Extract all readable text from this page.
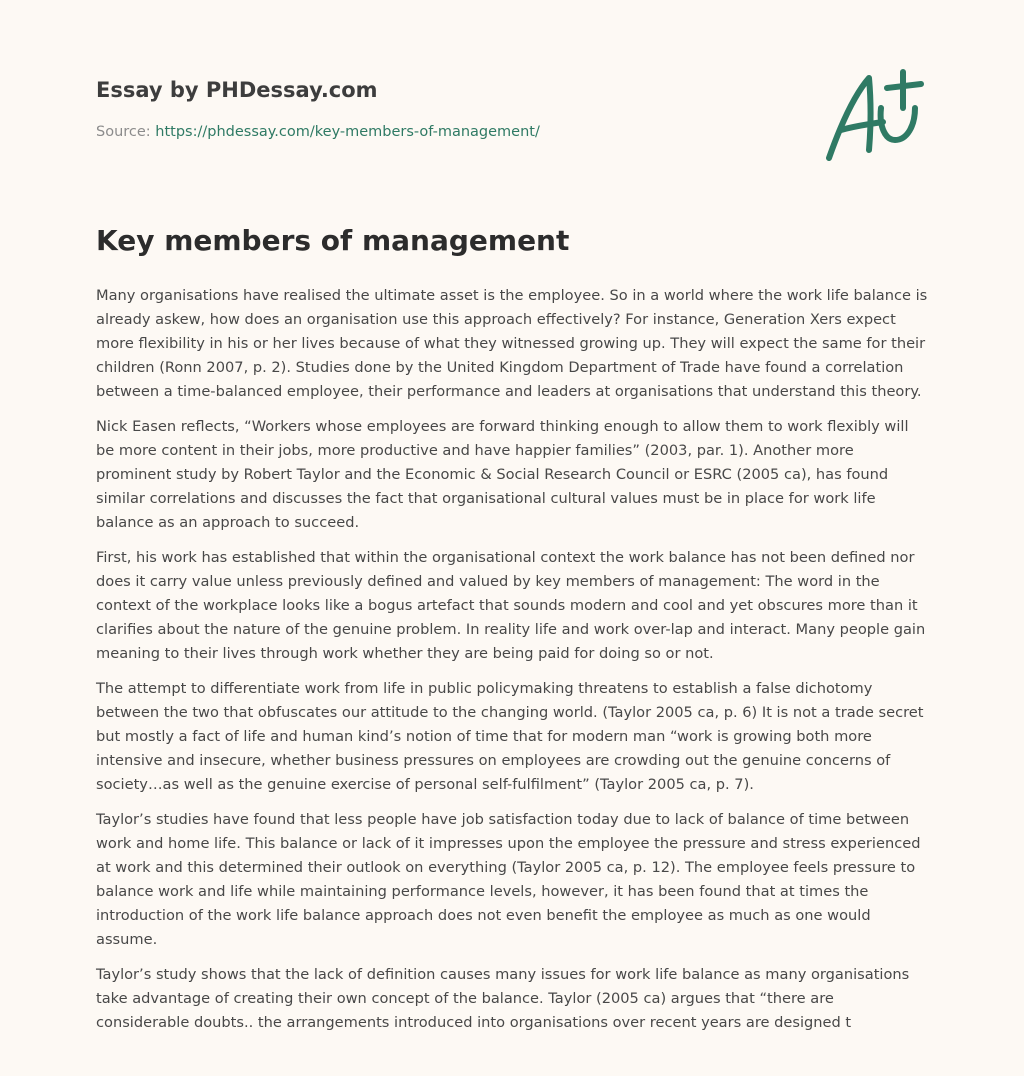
Essay by PHDessay.com
Source: https://phdessay.com/key-members-of-management/
Key members of management

Many organisations have realised the ultimate asset is the employee. So in a world where the work life balance is already askew, how does an organisation use this approach effectively? For instance, Generation Xers expect more flexibility in his or her lives because of what they witnessed growing up. They will expect the same for their children (Ronn 2007, p. 2). Studies done by the United Kingdom Department of Trade have found a correlation between a time-balanced employee, their performance and leaders at organisations that understand this theory.

Nick Easen reflects, “Workers whose employees are forward thinking enough to allow them to work flexibly will be more content in their jobs, more productive and have happier families” (2003, par. 1). Another more prominent study by Robert Taylor and the Economic & Social Research Council or ESRC (2005 ca), has found similar correlations and discusses the fact that organisational cultural values must be in place for work life balance as an approach to succeed.

First, his work has established that within the organisational context the work balance has not been defined nor does it carry value unless previously defined and valued by key members of management: The word in the context of the workplace looks like a bogus artefact that sounds modern and cool and yet obscures more than it clarifies about the nature of the genuine problem. In reality life and work over-lap and interact. Many people gain meaning to their lives through work whether they are being paid for doing so or not.

The attempt to differentiate work from life in public policymaking threatens to establish a false dichotomy between the two that obfuscates our attitude to the changing world. (Taylor 2005 ca, p. 6) It is not a trade secret but mostly a fact of life and human kind’s notion of time that for modern man “work is growing both more intensive and insecure, whether business pressures on employees are crowding out the genuine concerns of society…as well as the genuine exercise of personal self-fulfilment” (Taylor 2005 ca, p. 7).

Taylor’s studies have found that less people have job satisfaction today due to lack of balance of time between work and home life. This balance or lack of it impresses upon the employee the pressure and stress experienced at work and this determined their outlook on everything (Taylor 2005 ca, p. 12). The employee feels pressure to balance work and life while maintaining performance levels, however, it has been found that at times the introduction of the work life balance approach does not even benefit the employee as much as one would assume.

Taylor’s study shows that the lack of definition causes many issues for work life balance as many organisations take advantage of creating their own concept of the balance. Taylor (2005 ca) argues that “there are considerable doubts.. the arrangements introduced into organisations over recent years are designed t
